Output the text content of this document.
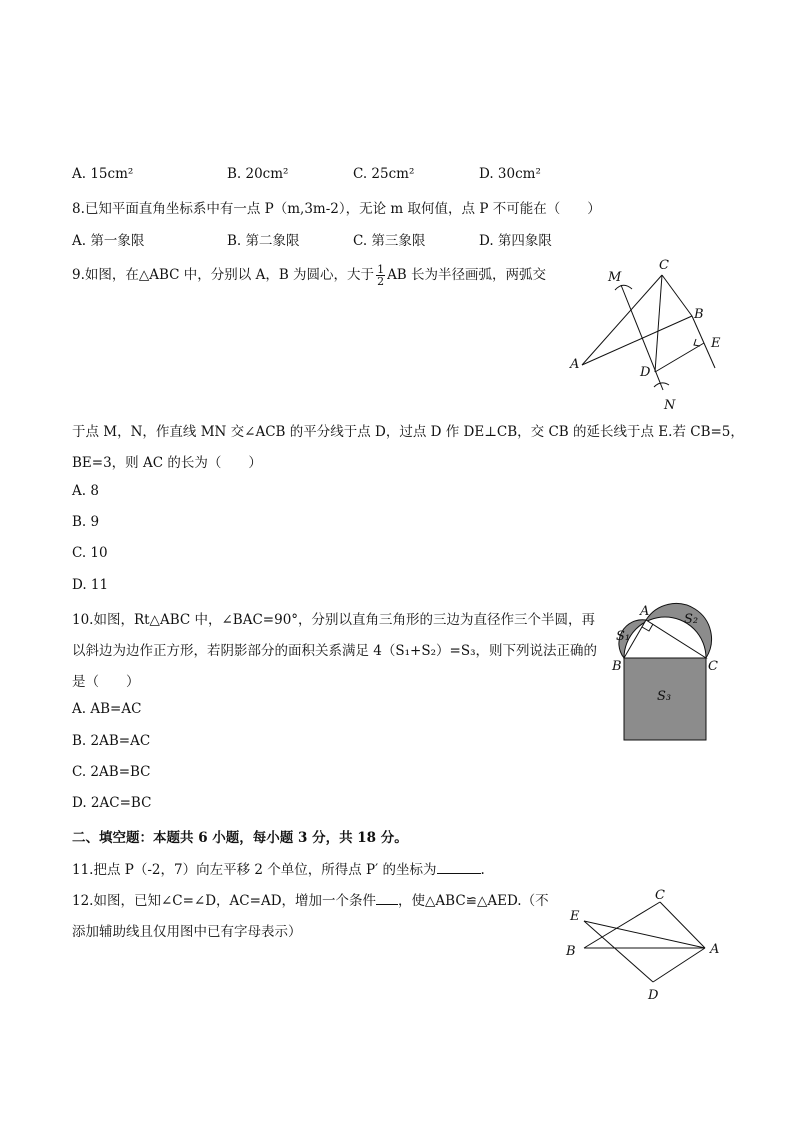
A. 15cm²	B. 20cm²	C. 25cm²	D. 30cm²
8.已知平面直角坐标系中有一点 P（m,3m-2），无论 m 取何值，点 P 不可能在（　　）
A. 第一象限	B. 第二象限	C. 第三象限	D. 第四象限
9.如图，在△ABC 中，分别以 A，B 为圆心，大于 $\frac{1}{2}$ AB 长为半径画弧，两弧交	M
C
B
E
A
D
N
于点 M，N，作直线 MN 交∠ACB 的平分线于点 D，过点 D 作 DE⊥CB，交 CB 的延长线于点 E.若 CB=5，
BE=3，则 AC 的长为（　　）
A. 8
B. 9
C. 10
D. 11
10.如图，Rt△ABC 中，∠BAC=90°，分别以直角三角形的三边为直径作三个半圆，再
以斜边为边作正方形，若阴影部分的面积关系满足 4（S₁+S₂）=S₃，则下列说法正确的
是（　　）
A. AB=AC
B. 2AB=AC
C. 2AB=BC
D. 2AC=BC
A
B	C
S₁
S₂
S₃
二、填空题：本题共 6 小题，每小题 3 分，共 18 分。
11.把点 P（-2，7）向左平移 2 个单位，所得点 P′ 的坐标为	.
12.如图，已知∠C=∠D，AC=AD，增加一个条件 ，使△ABC≌△AED.（不
添加辅助线且仅用图中已有字母表示）
C
E
B	A
D
